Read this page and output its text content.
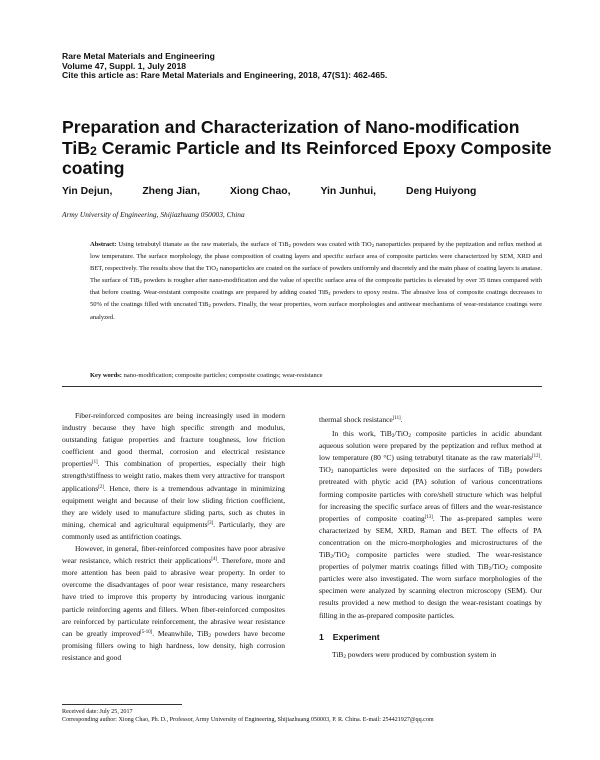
Rare Metal Materials and Engineering
Volume 47, Suppl. 1, July 2018
Cite this article as: Rare Metal Materials and Engineering, 2018, 47(S1): 462-465.
Preparation and Characterization of Nano-modification
TiB$_2$ Ceramic Particle and Its Reinforced Epoxy Composite coating
Yin Dejun,	Zheng Jian,	Xiong Chao,	Yin Junhui,	Deng Huiyong
Army University of Engineering, Shijiazhuang 050003, China

Abstract: Using tetrabutyl titanate as the raw materials, the surface of TiB$_2$ powders was coated with TiO$_2$ nanoparticles prepared by the peptization and reflux method at low temperature. The surface morphology, the phase composition of coating layers and specific surface area of composite particles were characterized by SEM, XRD and BET, respectively. The results show that the TiO$_2$ nanoparticles are coated on the surface of powders uniformly and discretely and the main phase of coating layers is anatase. The surface of TiB$_2$ powders is rougher after nano-modification and the value of specific surface area of the composite particles is elevated by over 35 times compared with that before coating. Wear-resistant composite coatings are prepared by adding coated TiB$_2$ powders to epoxy resins. The abrasive loss of composite coatings decreases to 50% of the coatings filled with uncoated TiB$_2$ powders. Finally, the wear properties, worn surface morphologies and antiwear mechanisms of wear-resistance coatings were analyzed.

Key words: nano-modification; composite particles; composite coatings; wear-resistance

Fiber-reinforced composites are being increasingly used in modern industry because they have high specific strength and modulus, outstanding fatigue properties and fracture toughness, low friction coefficient and good thermal, corrosion and electrical resistance properties[1]. This combination of properties, especially their high strength/stiffness to weight ratio, makes them very attractive for transport applications[2]. Hence, there is a tremendous advantage in minimizing equipment weight and because of their low sliding friction coefficient, they are widely used to manufacture sliding parts, such as chutes in mining, chemical and agricultural equipments[3]. Particularly, they are commonly used as antifriction coatings.

However, in general, fiber-reinforced composites have poor abrasive wear resistance, which restrict their applications[4]. Therefore, more and more attention has been paid to abrasive wear property. In order to overcome the disadvantages of poor wear resistance, many researchers have tried to improve this property by introducing various inorganic particle reinforcing agents and fillers. When fiber-reinforced composites are reinforced by particulate reinforcement, the abrasive wear resistance can be greatly improved[5-10]. Meanwhile, TiB$_2$ powders have become promising fillers owing to high hardness, low density, high corrosion resistance and good

thermal shock resistance[11].

In this work, TiB$_2$/TiO$_2$ composite particles in acidic abundant aqueous solution were prepared by the peptization and reflux method at low temperature (80 °C) using tetrabutyl titanate as the raw materials[12]. TiO$_2$ nanoparticles were deposited on the surfaces of TiB$_2$ powders pretreated with phytic acid (PA) solution of various concentrations forming composite particles with core/shell structure which was helpful for increasing the specific surface areas of fillers and the wear-resistance properties of composite coating[13]. The as-prepared samples were characterized by SEM, XRD, Raman and BET. The effects of PA concentration on the micro-morphologies and microstructures of the TiB$_2$/TiO$_2$ composite particles were studied. The wear-resistance properties of polymer matrix coatings filled with TiB$_2$/TiO$_2$ composite particles were also investigated. The worn surface morphologies of the specimen were analyzed by scanning electron microscopy (SEM). Our results provided a new method to design the wear-resistant coatings by filling in the as-prepared composite particles.

1 Experiment

TiB$_2$ powders were produced by combustion system in

Received date: July 25, 2017
Corresponding author: Xiong Chao, Ph. D., Professor, Army University of Engineering, Shijiazhuang 050003, P. R. China. E-mail: 254421927@qq.com
